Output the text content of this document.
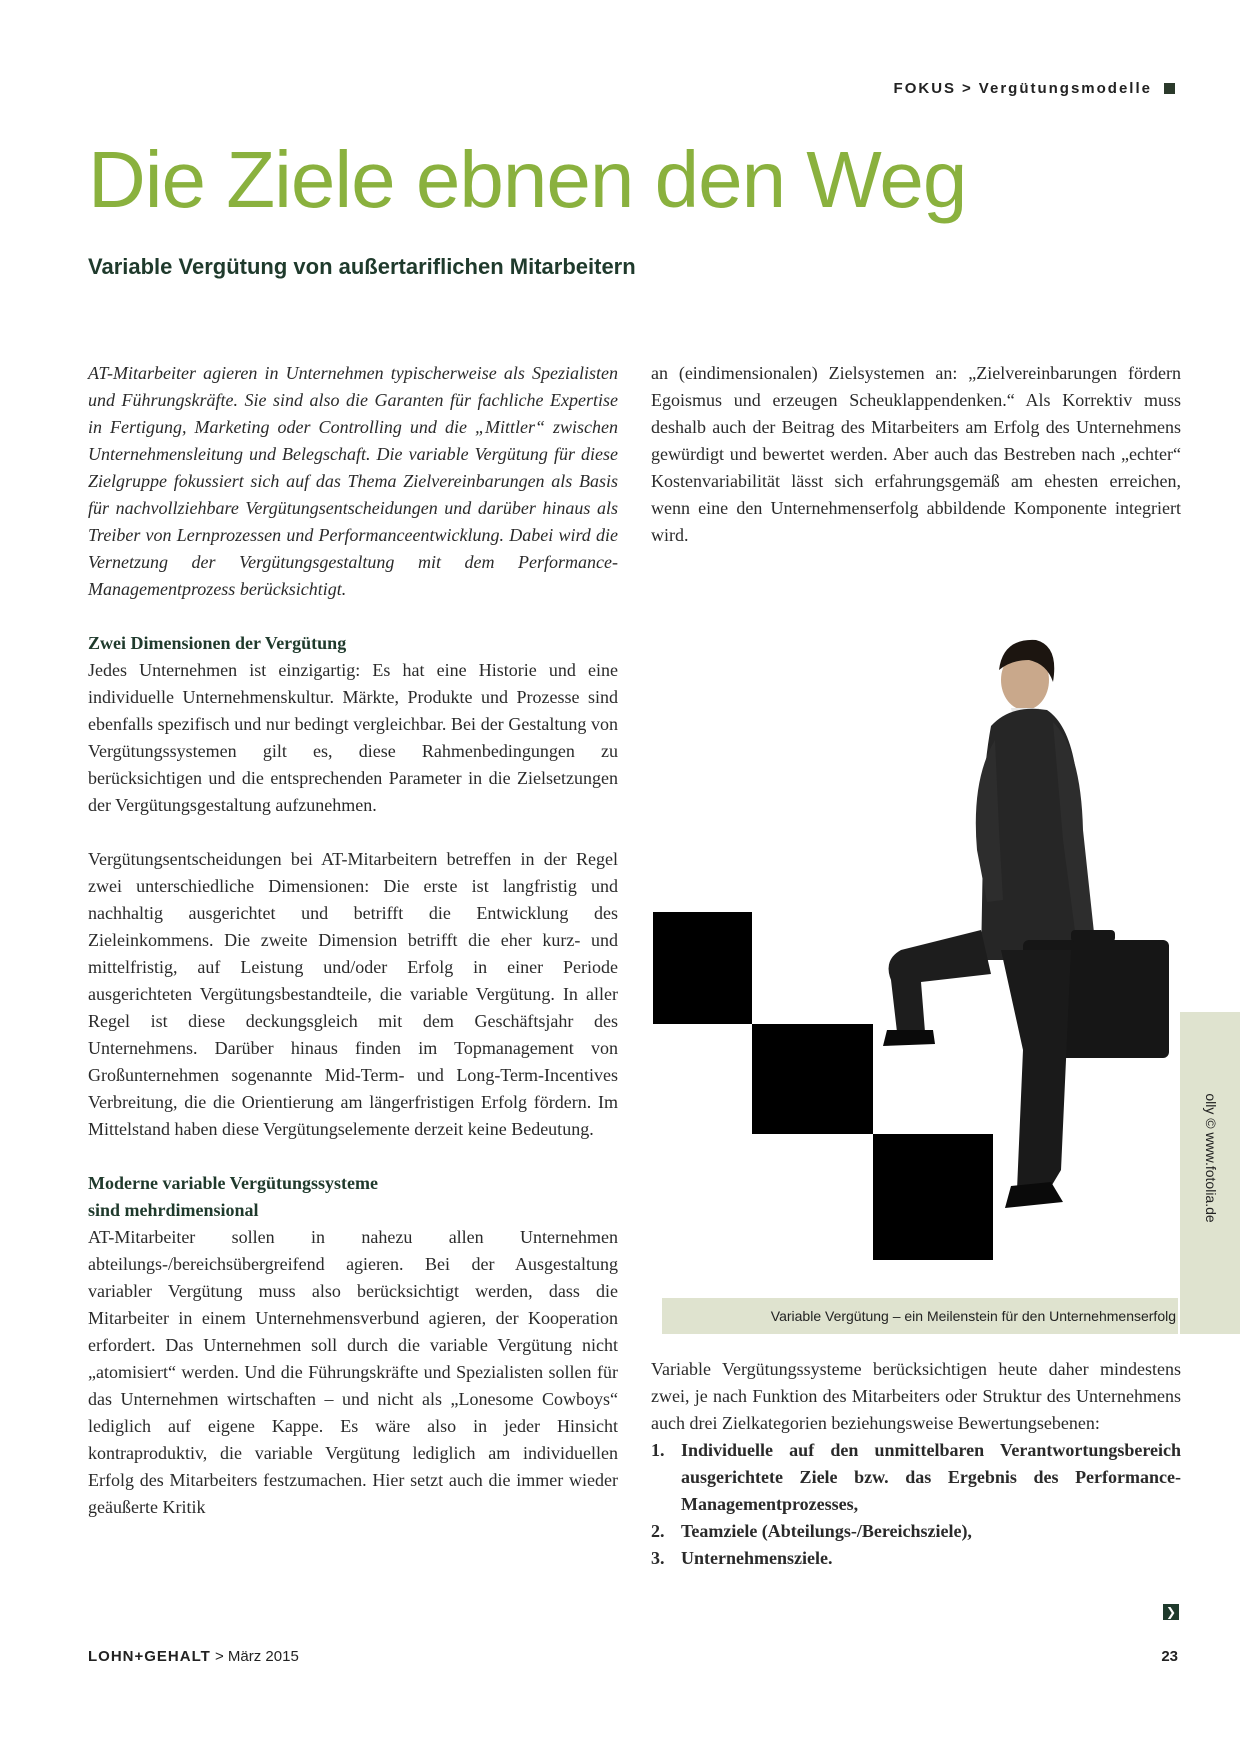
FOKUS > Vergütungsmodelle
Die Ziele ebnen den Weg
Variable Vergütung von außertariflichen Mitarbeitern

AT-Mitarbeiter agieren in Unternehmen typischerweise als Spezialisten und Führungskräfte. Sie sind also die Garanten für fachliche Expertise in Fertigung, Marketing oder Controlling und die „Mittler“ zwischen Unternehmensleitung und Belegschaft. Die variable Vergütung für diese Zielgruppe fokussiert sich auf das Thema Zielvereinbarungen als Basis für nachvollziehbare Vergütungsentscheidungen und darüber hinaus als Treiber von Lernprozessen und Performanceentwicklung. Dabei wird die Vernetzung der Vergütungsgestaltung mit dem Performance-Managementprozess berücksichtigt.

Zwei Dimensionen der Vergütung

Jedes Unternehmen ist einzigartig: Es hat eine Historie und eine individuelle Unternehmenskultur. Märkte, Produkte und Prozesse sind ebenfalls spezifisch und nur bedingt vergleichbar. Bei der Gestaltung von Vergütungssystemen gilt es, diese Rahmenbedingungen zu berücksichtigen und die entsprechenden Parameter in die Zielsetzungen der Vergütungsgestaltung aufzunehmen.

Vergütungsentscheidungen bei AT-Mitarbeitern betreffen in der Regel zwei unterschiedliche Dimensionen: Die erste ist langfristig und nachhaltig ausgerichtet und betrifft die Entwicklung des Zieleinkommens. Die zweite Dimension betrifft die eher kurz- und mittelfristig, auf Leistung und/oder Erfolg in einer Periode ausgerichteten Vergütungsbestandteile, die variable Vergütung. In aller Regel ist diese deckungsgleich mit dem Geschäftsjahr des Unternehmens. Darüber hinaus finden im Topmanagement von Großunternehmen sogenannte Mid-Term- und Long-Term-Incentives Verbreitung, die die Orientierung am längerfristigen Erfolg fördern. Im Mittelstand haben diese Vergütungselemente derzeit keine Bedeutung.

Moderne variable Vergütungssysteme

sind mehrdimensional

AT-Mitarbeiter sollen in nahezu allen Unternehmen abteilungs-/bereichsübergreifend agieren. Bei der Ausgestaltung variabler Vergütung muss also berücksichtigt werden, dass die Mitarbeiter in einem Unternehmensverbund agieren, der Kooperation erfordert. Das Unternehmen soll durch die variable Vergütung nicht „atomisiert“ werden. Und die Führungskräfte und Spezialisten sollen für das Unternehmen wirtschaften – und nicht als „Lonesome Cowboys“ lediglich auf eigene Kappe. Es wäre also in jeder Hinsicht kontraproduktiv, die variable Vergütung lediglich am individuellen Erfolg des Mitarbeiters festzumachen. Hier setzt auch die immer wieder geäußerte Kritik

an (eindimensionalen) Zielsystemen an: „Zielvereinbarungen fördern Egoismus und erzeugen Scheuklappendenken.“ Als Korrektiv muss deshalb auch der Beitrag des Mitarbeiters am Erfolg des Unternehmens gewürdigt und bewertet werden. Aber auch das Bestreben nach „echter“ Kostenvariabilität lässt sich erfahrungsgemäß am ehesten erreichen, wenn eine den Unternehmenserfolg abbildende Komponente integriert wird.

Variable Vergütung – ein Meilenstein für den Unternehmenserfolg
olly © www.fotolia.de

Variable Vergütungssysteme berücksichtigen heute daher mindestens zwei, je nach Funktion des Mitarbeiters oder Struktur des Unternehmens auch drei Zielkategorien beziehungsweise Bewertungsebenen:

1. Individuelle auf den unmittelbaren Verantwortungsbereich ausgerichtete Ziele bzw. das Ergebnis des Performance-Managementprozesses,
2. Teamziele (Abteilungs-/Bereichsziele),
3. Unternehmensziele.
❯
LOHN+GEHALT > März 2015	23
